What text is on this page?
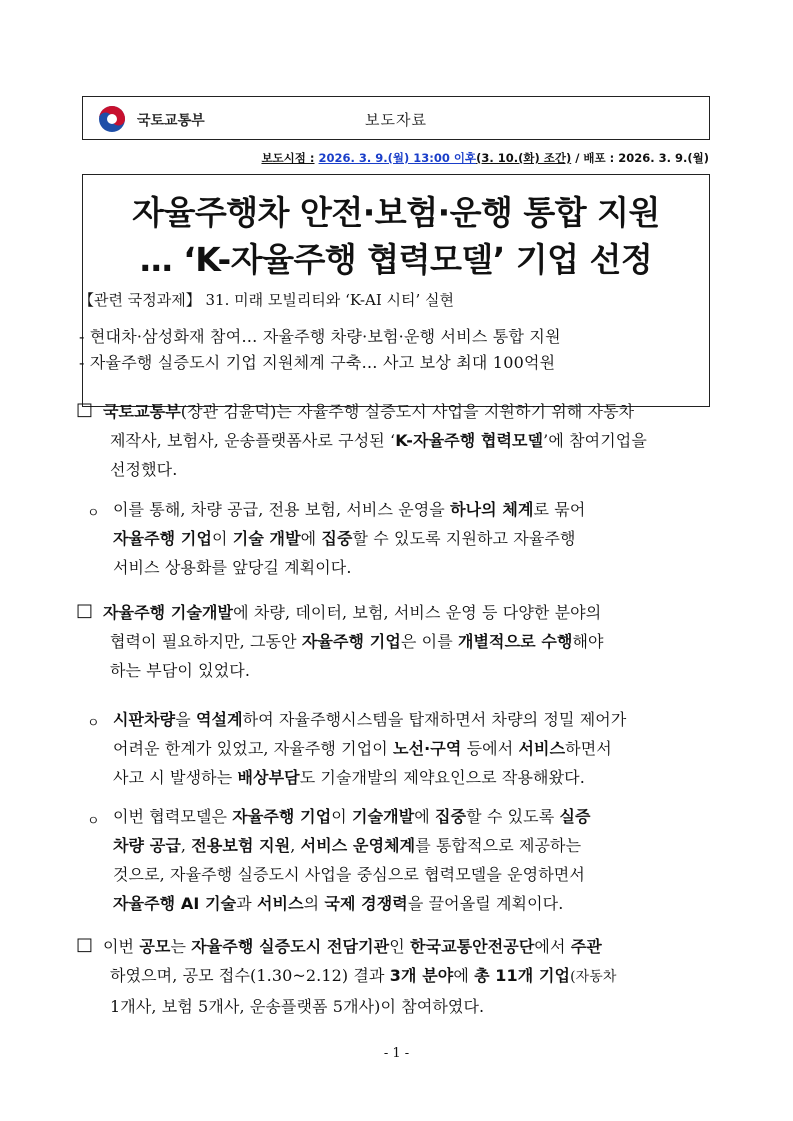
국토교통부	보도자료
보도시점 : 2026. 3. 9.(월) 13:00 이후(3. 10.(화) 조간) / 배포 : 2026. 3. 9.(월)
자율주행차 안전·보험·운행 통합 지원
… ‘K-자율주행 협력모델’ 기업 선정
【관련 국정과제】 31. 미래 모빌리티와 ‘K-AI 시티’ 실현
- 현대차·삼성화재 참여… 자율주행 차량·보험·운행 서비스 통합 지원
- 자율주행 실증도시 기업 지원체계 구축… 사고 보상 최대 100억원
□ 국토교통부(장관 김윤덕)는 자율주행 실증도시 사업을 지원하기 위해 자동차
제작사, 보험사, 운송플랫폼사로 구성된 ‘K-자율주행 협력모델’에 참여기업을
선정했다.
ㅇ 이를 통해, 차량 공급, 전용 보험, 서비스 운영을 하나의 체계로 묶어
자율주행 기업이 기술 개발에 집중할 수 있도록 지원하고 자율주행
서비스 상용화를 앞당길 계획이다.
□ 자율주행 기술개발에 차량, 데이터, 보험, 서비스 운영 등 다양한 분야의
협력이 필요하지만, 그동안 자율주행 기업은 이를 개별적으로 수행해야
하는 부담이 있었다.
ㅇ 시판차량을 역설계하여 자율주행시스템을 탑재하면서 차량의 정밀 제어가
어려운 한계가 있었고, 자율주행 기업이 노선·구역 등에서 서비스하면서
사고 시 발생하는 배상부담도 기술개발의 제약요인으로 작용해왔다.
ㅇ 이번 협력모델은 자율주행 기업이 기술개발에 집중할 수 있도록 실증
차량 공급, 전용보험 지원, 서비스 운영체계를 통합적으로 제공하는
것으로, 자율주행 실증도시 사업을 중심으로 협력모델을 운영하면서
자율주행 AI 기술과 서비스의 국제 경쟁력을 끌어올릴 계획이다.
□ 이번 공모는 자율주행 실증도시 전담기관인 한국교통안전공단에서 주관
하였으며, 공모 접수(1.30~2.12) 결과 3개 분야에 총 11개 기업(자동차
1개사, 보험 5개사, 운송플랫폼 5개사)이 참여하였다.
- 1 -
